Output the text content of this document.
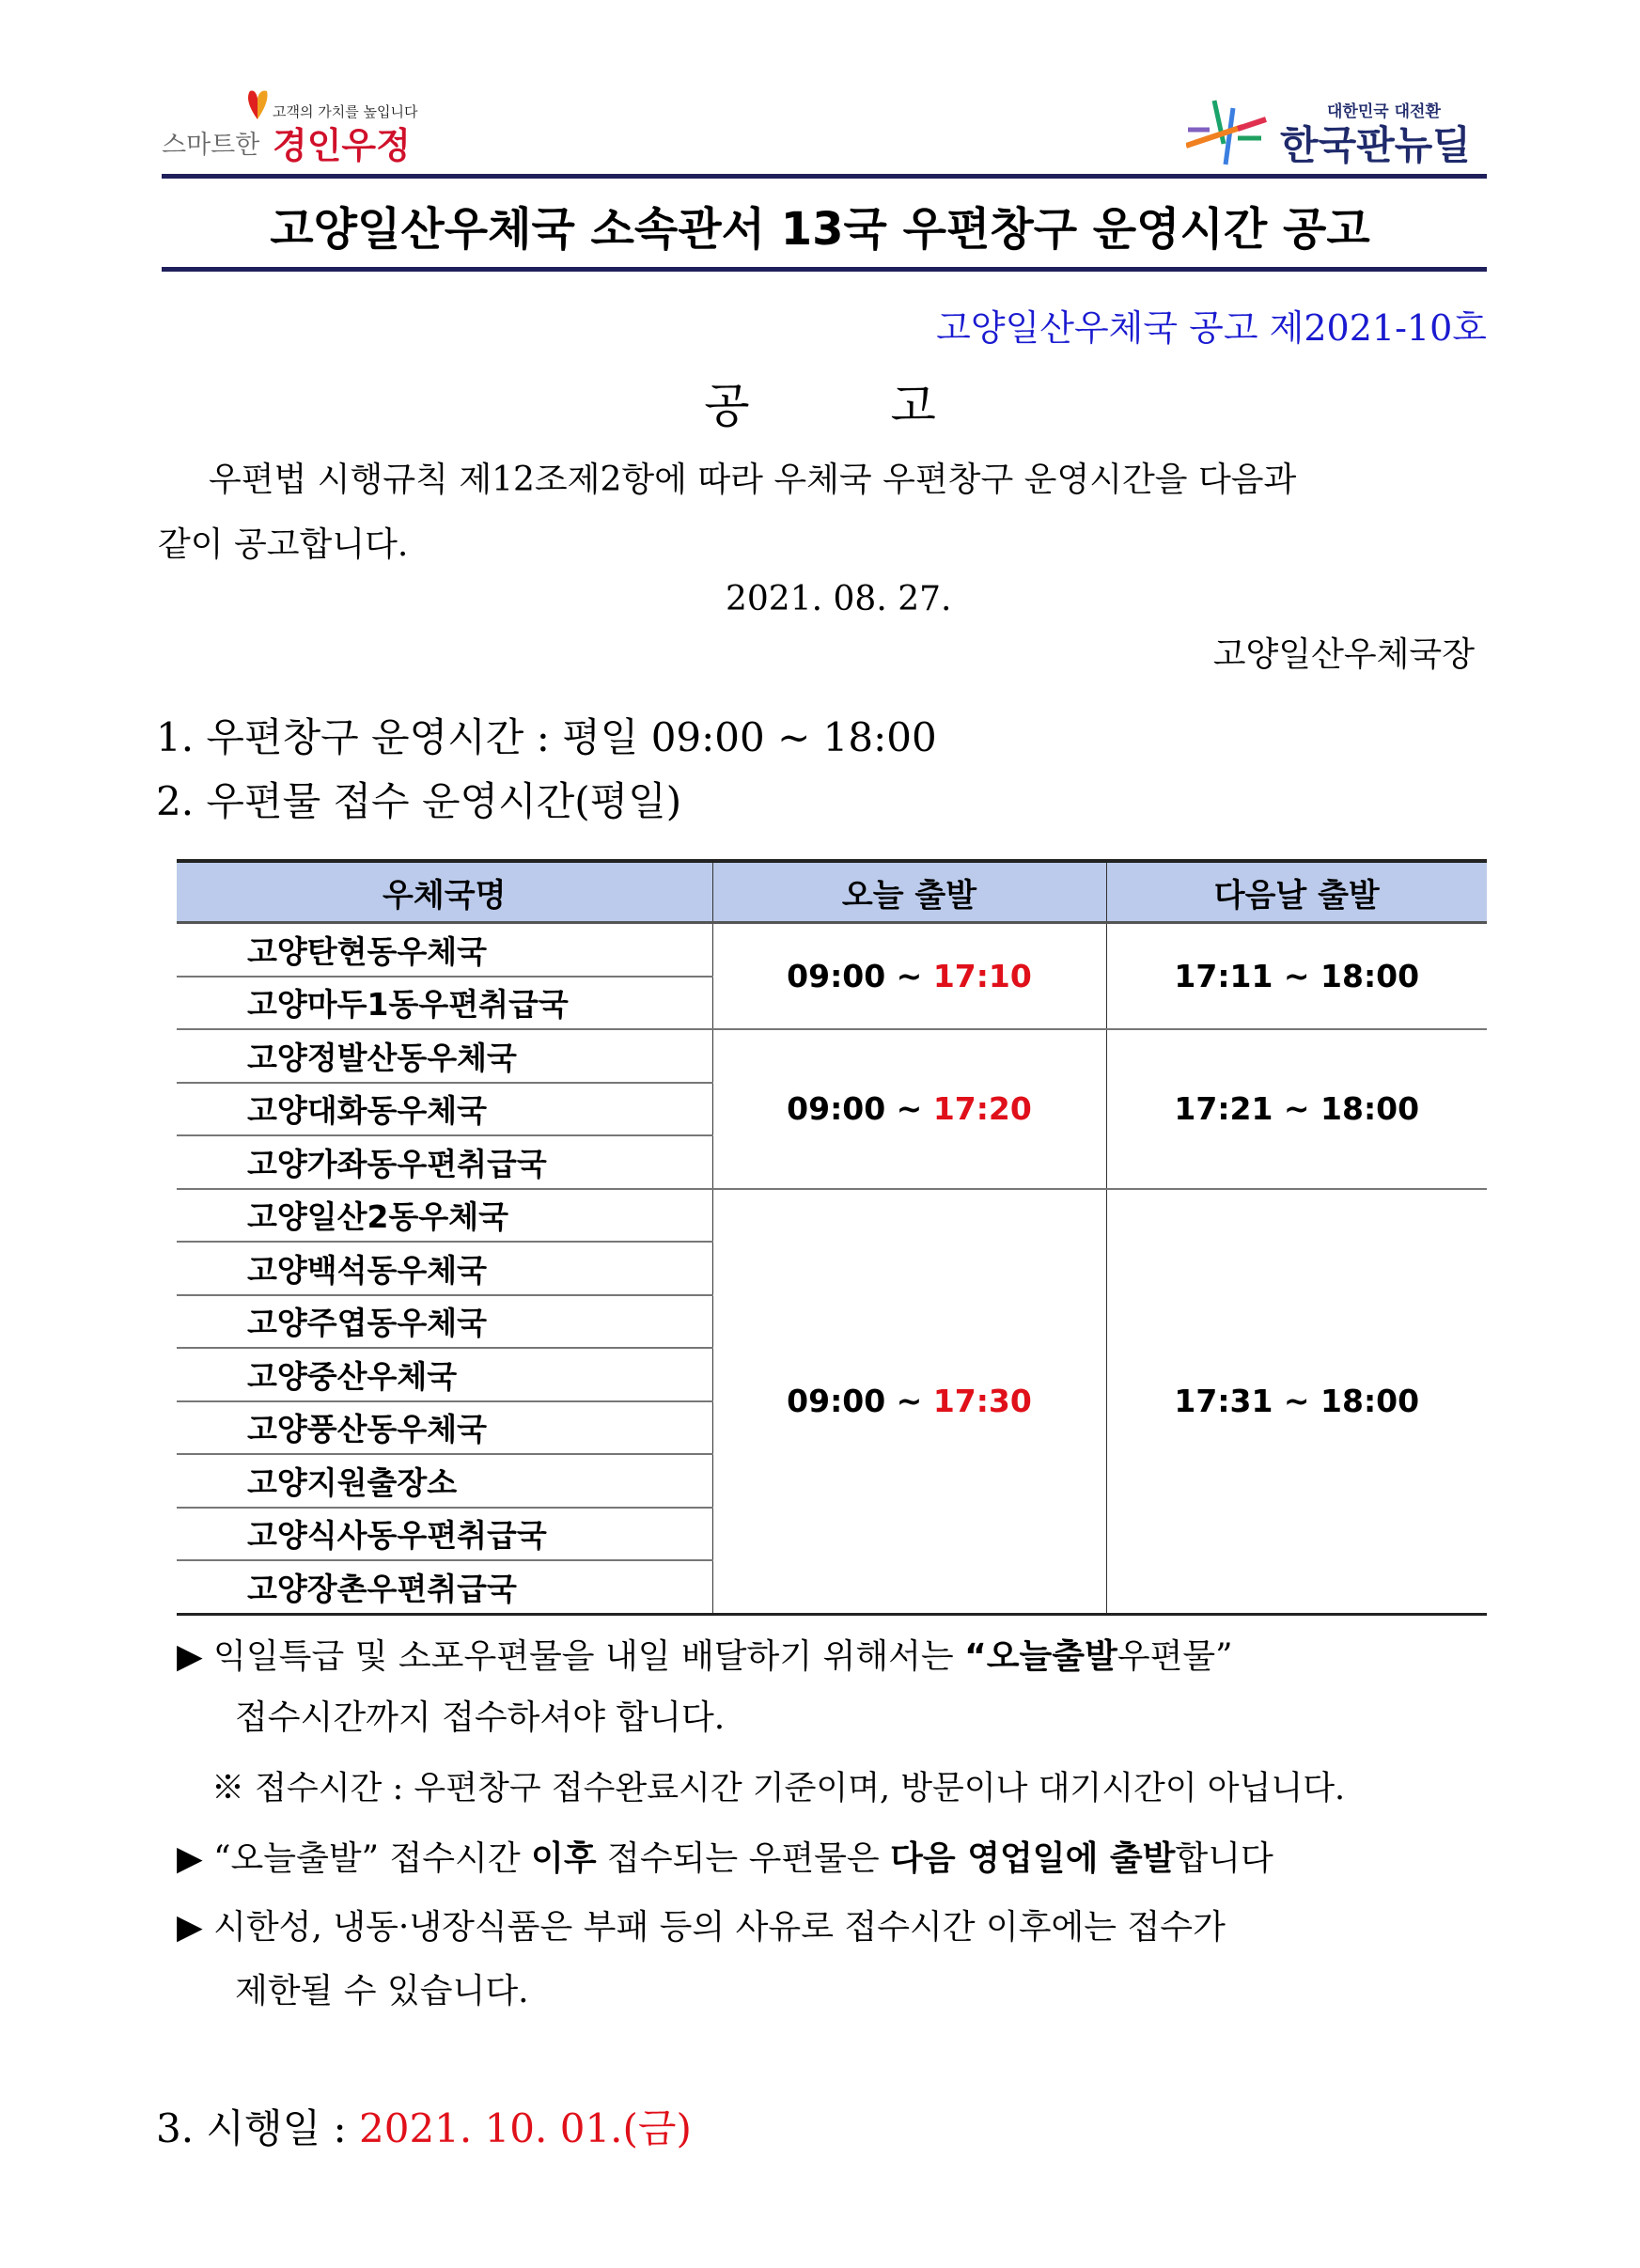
고객의 가치를 높입니다
스마트한 경인우정
대한민국 대전환
한국판뉴딜
고양일산우체국 소속관서 13국 우편창구 운영시간 공고
고양일산우체국 공고 제2021-10호
공　　　고
우편법 시행규칙 제12조제2항에 따라 우체국 우편창구 운영시간을 다음과
같이 공고합니다.
2021. 08. 27.
고양일산우체국장
1. 우편창구 운영시간 : 평일 09:00 ~ 18:00
2. 우편물 접수 운영시간(평일)
우체국명	오늘 출발	다음날 출발
고양탄현동우체국	09:00 ~ 17:10	17:11 ~ 18:00
고양마두1동우편취급국		
고양정발산동우체국	09:00 ~ 17:20	17:21 ~ 18:00
고양대화동우체국		
고양가좌동우편취급국		
고양일산2동우체국	09:00 ~ 17:30	17:31 ~ 18:00
고양백석동우체국		
고양주엽동우체국		
고양중산우체국		
고양풍산동우체국		
고양지원출장소		
고양식사동우편취급국		
고양장촌우편취급국		
▶ 익일특급 및 소포우편물을 내일 배달하기 위해서는 “오늘출발우편물”
접수시간까지 접수하셔야 합니다.
※ 접수시간 : 우편창구 접수완료시간 기준이며, 방문이나 대기시간이 아닙니다.
▶ “오늘출발” 접수시간 이후 접수되는 우편물은 다음 영업일에 출발합니다
▶ 시한성, 냉동·냉장식품은 부패 등의 사유로 접수시간 이후에는 접수가
제한될 수 있습니다.
3. 시행일 : 2021. 10. 01.(금)
